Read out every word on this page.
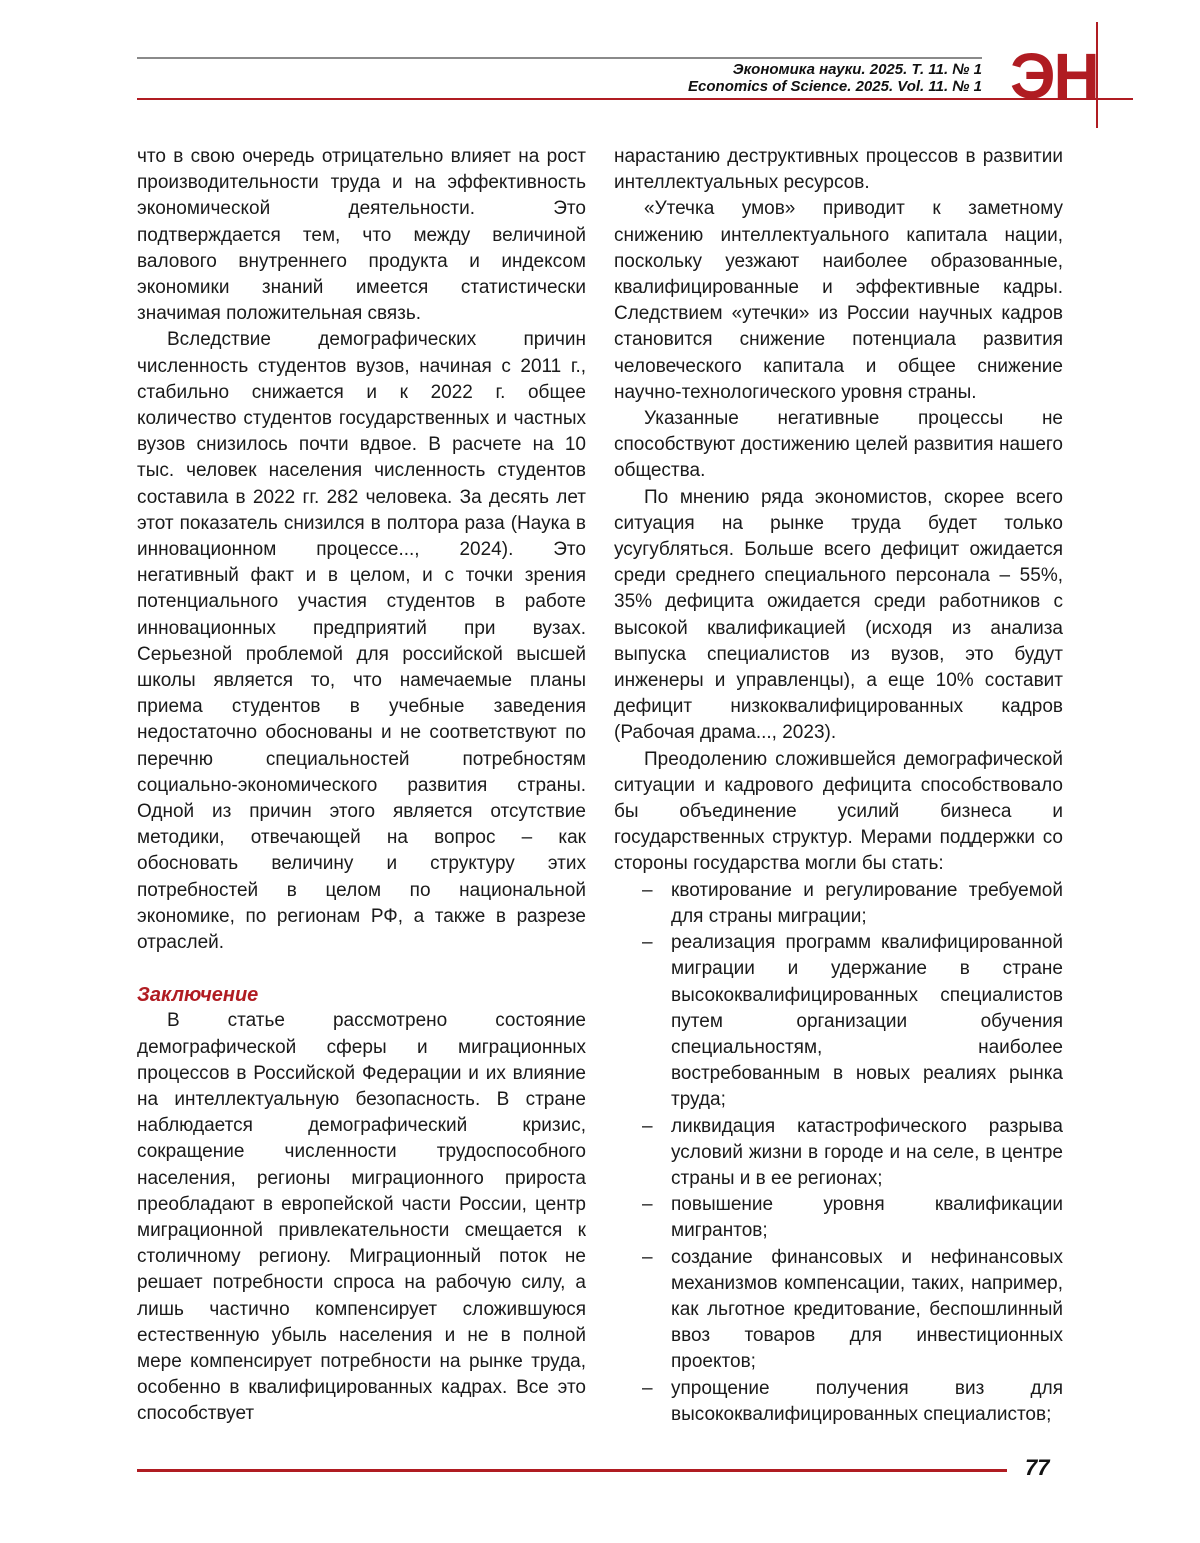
Экономика науки. 2025. Т. 11. № 1
Economics of Science. 2025. Vol. 11. № 1 ЭН

что в свою очередь отрицательно влияет на рост производительности труда и на эффективность экономической деятельности. Это подтверждается тем, что между величиной валового внутреннего продукта и индексом экономики знаний имеется статистически значимая положительная связь.

Вследствие демографических причин численность студентов вузов, начиная с 2011 г., стабильно снижается и к 2022 г. общее количество студентов государственных и частных вузов снизилось почти вдвое. В расчете на 10 тыс. человек населения численность студентов составила в 2022 гг. 282 человека. За десять лет этот показатель снизился в полтора раза (Наука в инновационном процессе..., 2024). Это негативный факт и в целом, и с точки зрения потенциального участия студентов в работе инновационных предприятий при вузах. Серьезной проблемой для российской высшей школы является то, что намечаемые планы приема студентов в учебные заведения недостаточно обоснованы и не соответствуют по перечню специальностей потребностям социально-экономического развития страны. Одной из причин этого является отсутствие методики, отвечающей на вопрос – как обосновать величину и структуру этих потребностей в целом по национальной экономике, по регионам РФ, а также в разрезе отраслей.

Заключение

В статье рассмотрено состояние демографической сферы и миграционных процессов в Российской Федерации и их влияние на интеллектуальную безопасность. В стране наблюдается демографический кризис, сокращение численности трудоспособного населения, регионы миграционного прироста преобладают в европейской части России, центр миграционной привлекательности смещается к столичному региону. Миграционный поток не решает потребности спроса на рабочую силу, а лишь частично компенсирует сложившуюся естественную убыль населения и не в полной мере компенсирует потребности на рынке труда, особенно в квалифицированных кадрах. Все это способствует

нарастанию деструктивных процессов в развитии интеллектуальных ресурсов.

«Утечка умов» приводит к заметному снижению интеллектуального капитала нации, поскольку уезжают наиболее образованные, квалифицированные и эффективные кадры. Следствием «утечки» из России научных кадров становится снижение потенциала развития человеческого капитала и общее снижение научно-технологического уровня страны.

Указанные негативные процессы не способствуют достижению целей развития нашего общества.

По мнению ряда экономистов, скорее всего ситуация на рынке труда будет только усугубляться. Больше всего дефицит ожидается среди среднего специального персонала – 55%, 35% дефицита ожидается среди работников с высокой квалификацией (исходя из анализа выпуска специалистов из вузов, это будут инженеры и управленцы), а еще 10% составит дефицит низкоквалифицированных кадров (Рабочая драма..., 2023).

Преодолению сложившейся демографической ситуации и кадрового дефицита способствовало бы объединение усилий бизнеса и государственных структур. Мерами поддержки со стороны государства могли бы стать:

– квотирование и регулирование требуемой для страны миграции;
– реализация программ квалифицированной миграции и удержание в стране высококвалифицированных специалистов путем организации обучения специальностям, наиболее востребованным в новых реалиях рынка труда;
– ликвидация катастрофического разрыва условий жизни в городе и на селе, в центре страны и в ее регионах;
– повышение уровня квалификации мигрантов;
– создание финансовых и нефинансовых механизмов компенсации, таких, например, как льготное кредитование, беспошлинный ввоз товаров для инвестиционных проектов;
– упрощение получения виз для высококвалифицированных специалистов;
77
